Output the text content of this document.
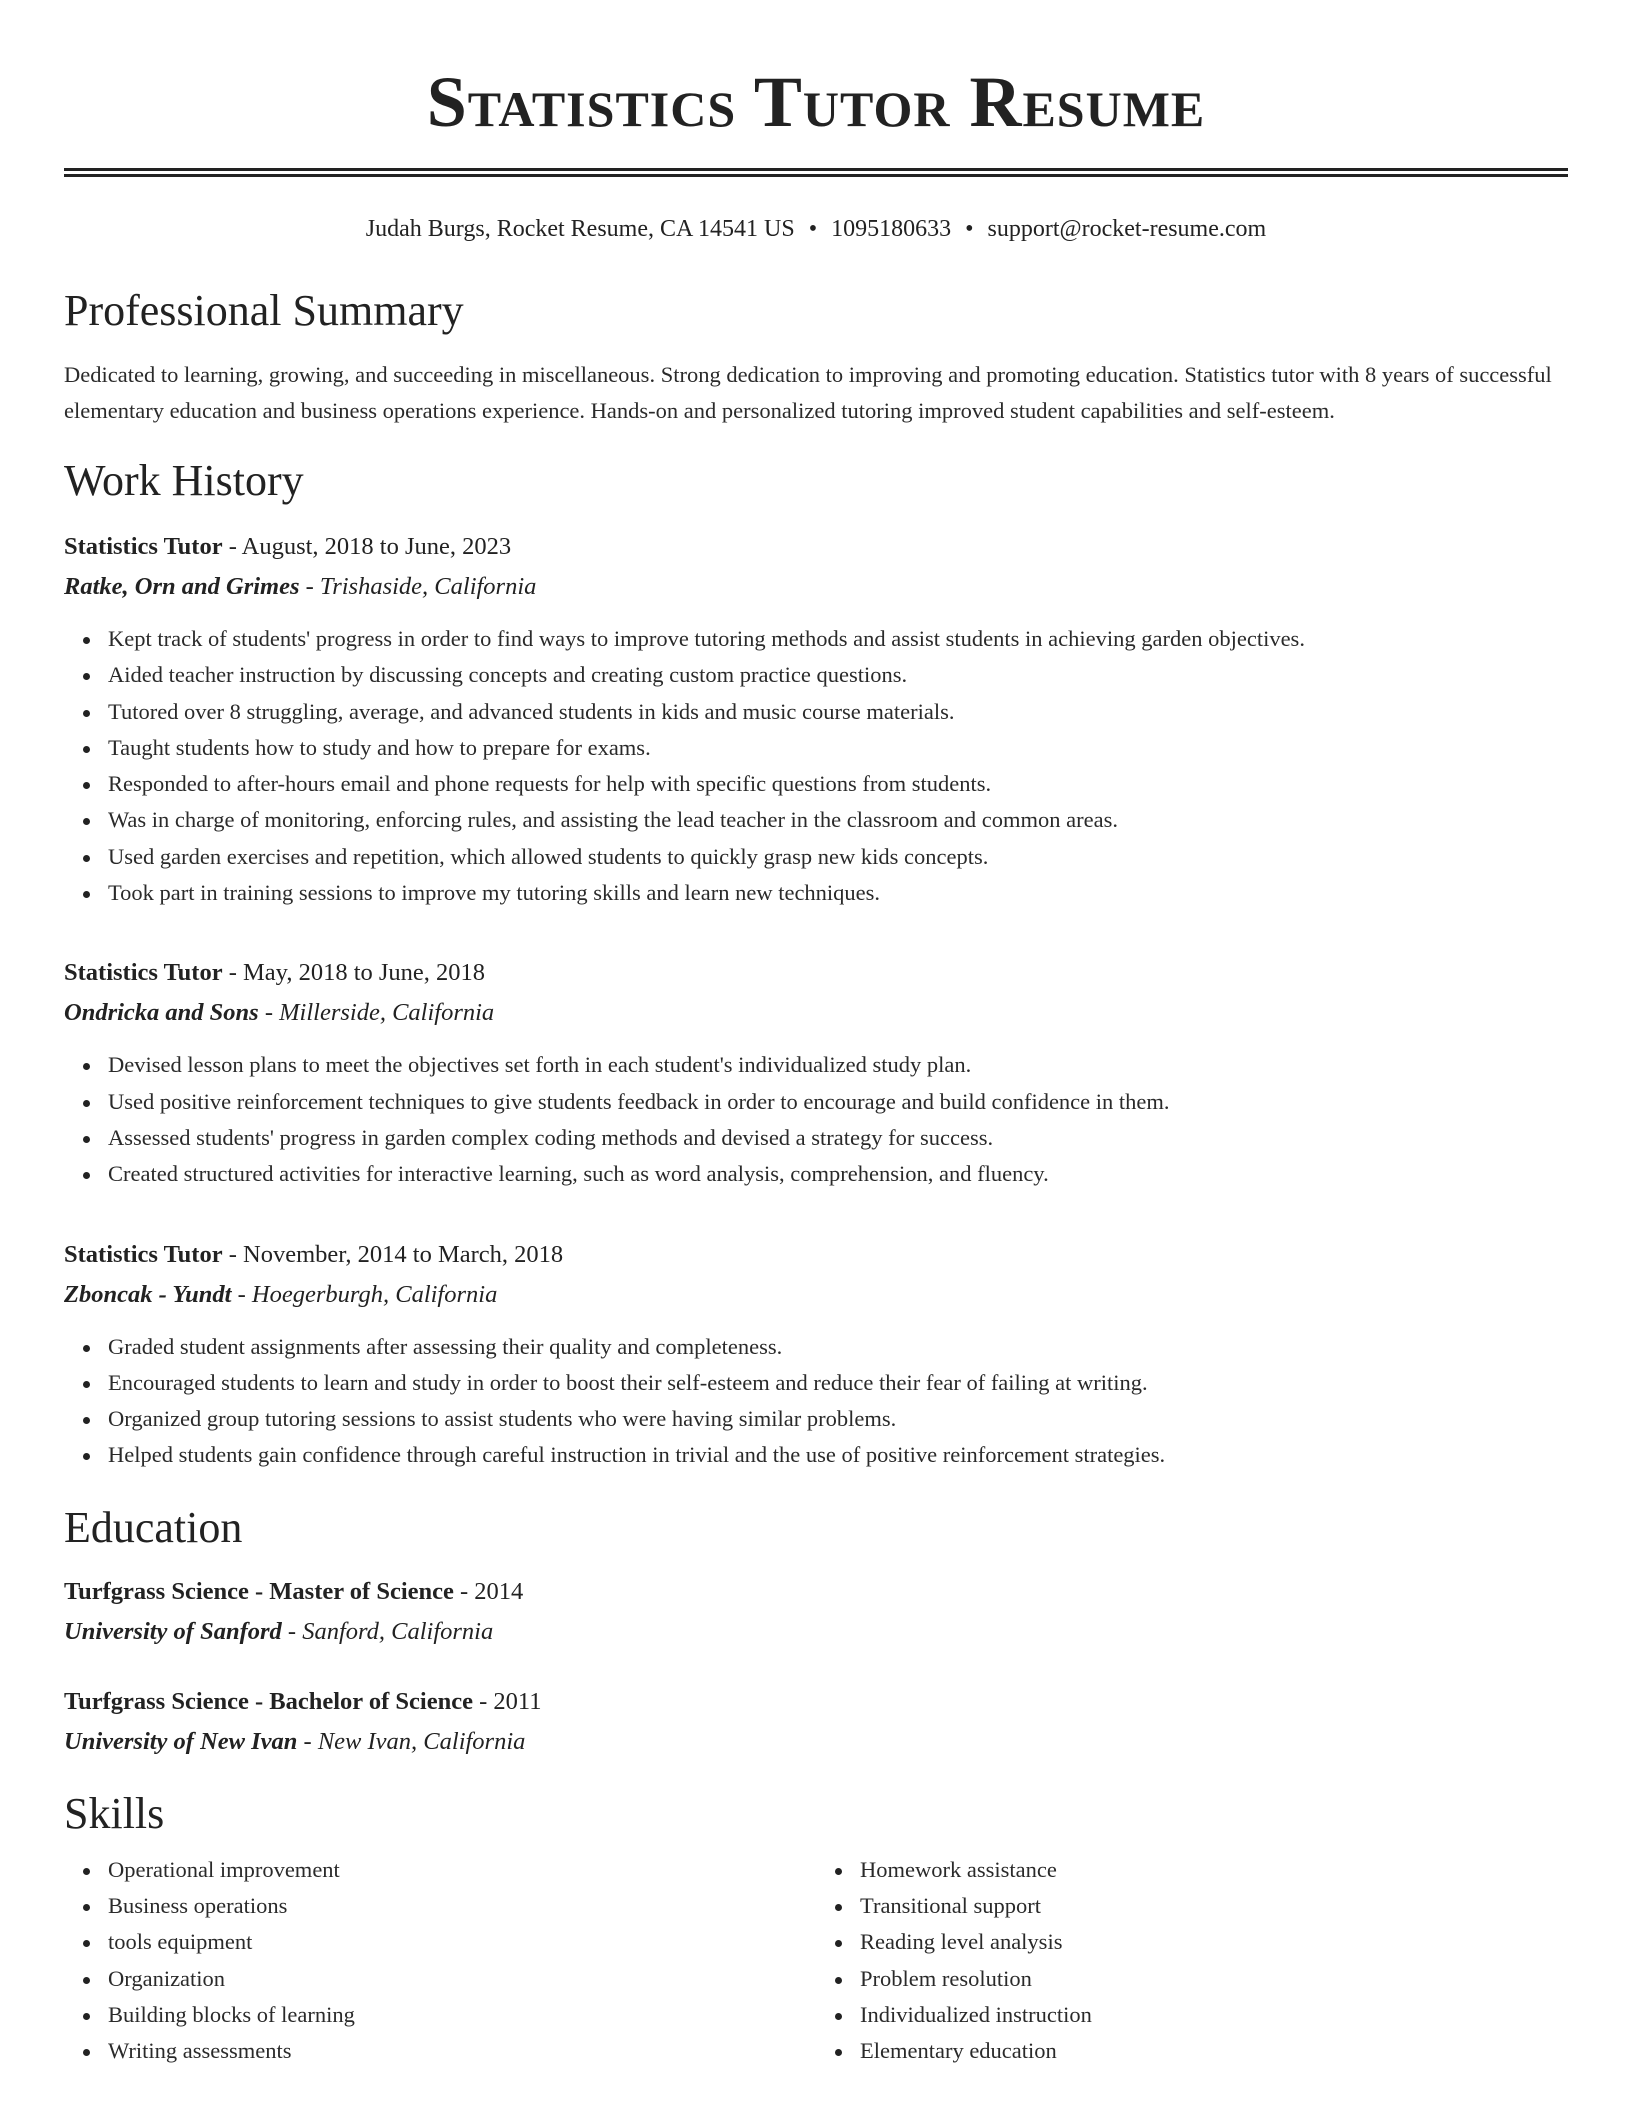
Statistics Tutor Resume
Judah Burgs, Rocket Resume, CA 14541 US • 1095180633 • support@rocket-resume.com
Professional Summary

Dedicated to learning, growing, and succeeding in miscellaneous. Strong dedication to improving and promoting education. Statistics tutor with 8 years of successful elementary education and business operations experience. Hands-on and personalized tutoring improved student capabilities and self-esteem.

Work History
Statistics Tutor - August, 2018 to June, 2023
Ratke, Orn and Grimes - Trishaside, California
Kept track of students' progress in order to find ways to improve tutoring methods and assist students in achieving garden objectives.
Aided teacher instruction by discussing concepts and creating custom practice questions.
Tutored over 8 struggling, average, and advanced students in kids and music course materials.
Taught students how to study and how to prepare for exams.
Responded to after-hours email and phone requests for help with specific questions from students.
Was in charge of monitoring, enforcing rules, and assisting the lead teacher in the classroom and common areas.
Used garden exercises and repetition, which allowed students to quickly grasp new kids concepts.
Took part in training sessions to improve my tutoring skills and learn new techniques.
Statistics Tutor - May, 2018 to June, 2018
Ondricka and Sons - Millerside, California
Devised lesson plans to meet the objectives set forth in each student's individualized study plan.
Used positive reinforcement techniques to give students feedback in order to encourage and build confidence in them.
Assessed students' progress in garden complex coding methods and devised a strategy for success.
Created structured activities for interactive learning, such as word analysis, comprehension, and fluency.
Statistics Tutor - November, 2014 to March, 2018
Zboncak - Yundt - Hoegerburgh, California
Graded student assignments after assessing their quality and completeness.
Encouraged students to learn and study in order to boost their self-esteem and reduce their fear of failing at writing.
Organized group tutoring sessions to assist students who were having similar problems.
Helped students gain confidence through careful instruction in trivial and the use of positive reinforcement strategies.
Education
Turfgrass Science - Master of Science - 2014
University of Sanford - Sanford, California
Turfgrass Science - Bachelor of Science - 2011
University of New Ivan - New Ivan, California
Skills
Operational improvement
Business operations
tools equipment
Organization
Building blocks of learning
Writing assessments
Homework assistance
Transitional support
Reading level analysis
Problem resolution
Individualized instruction
Elementary education
